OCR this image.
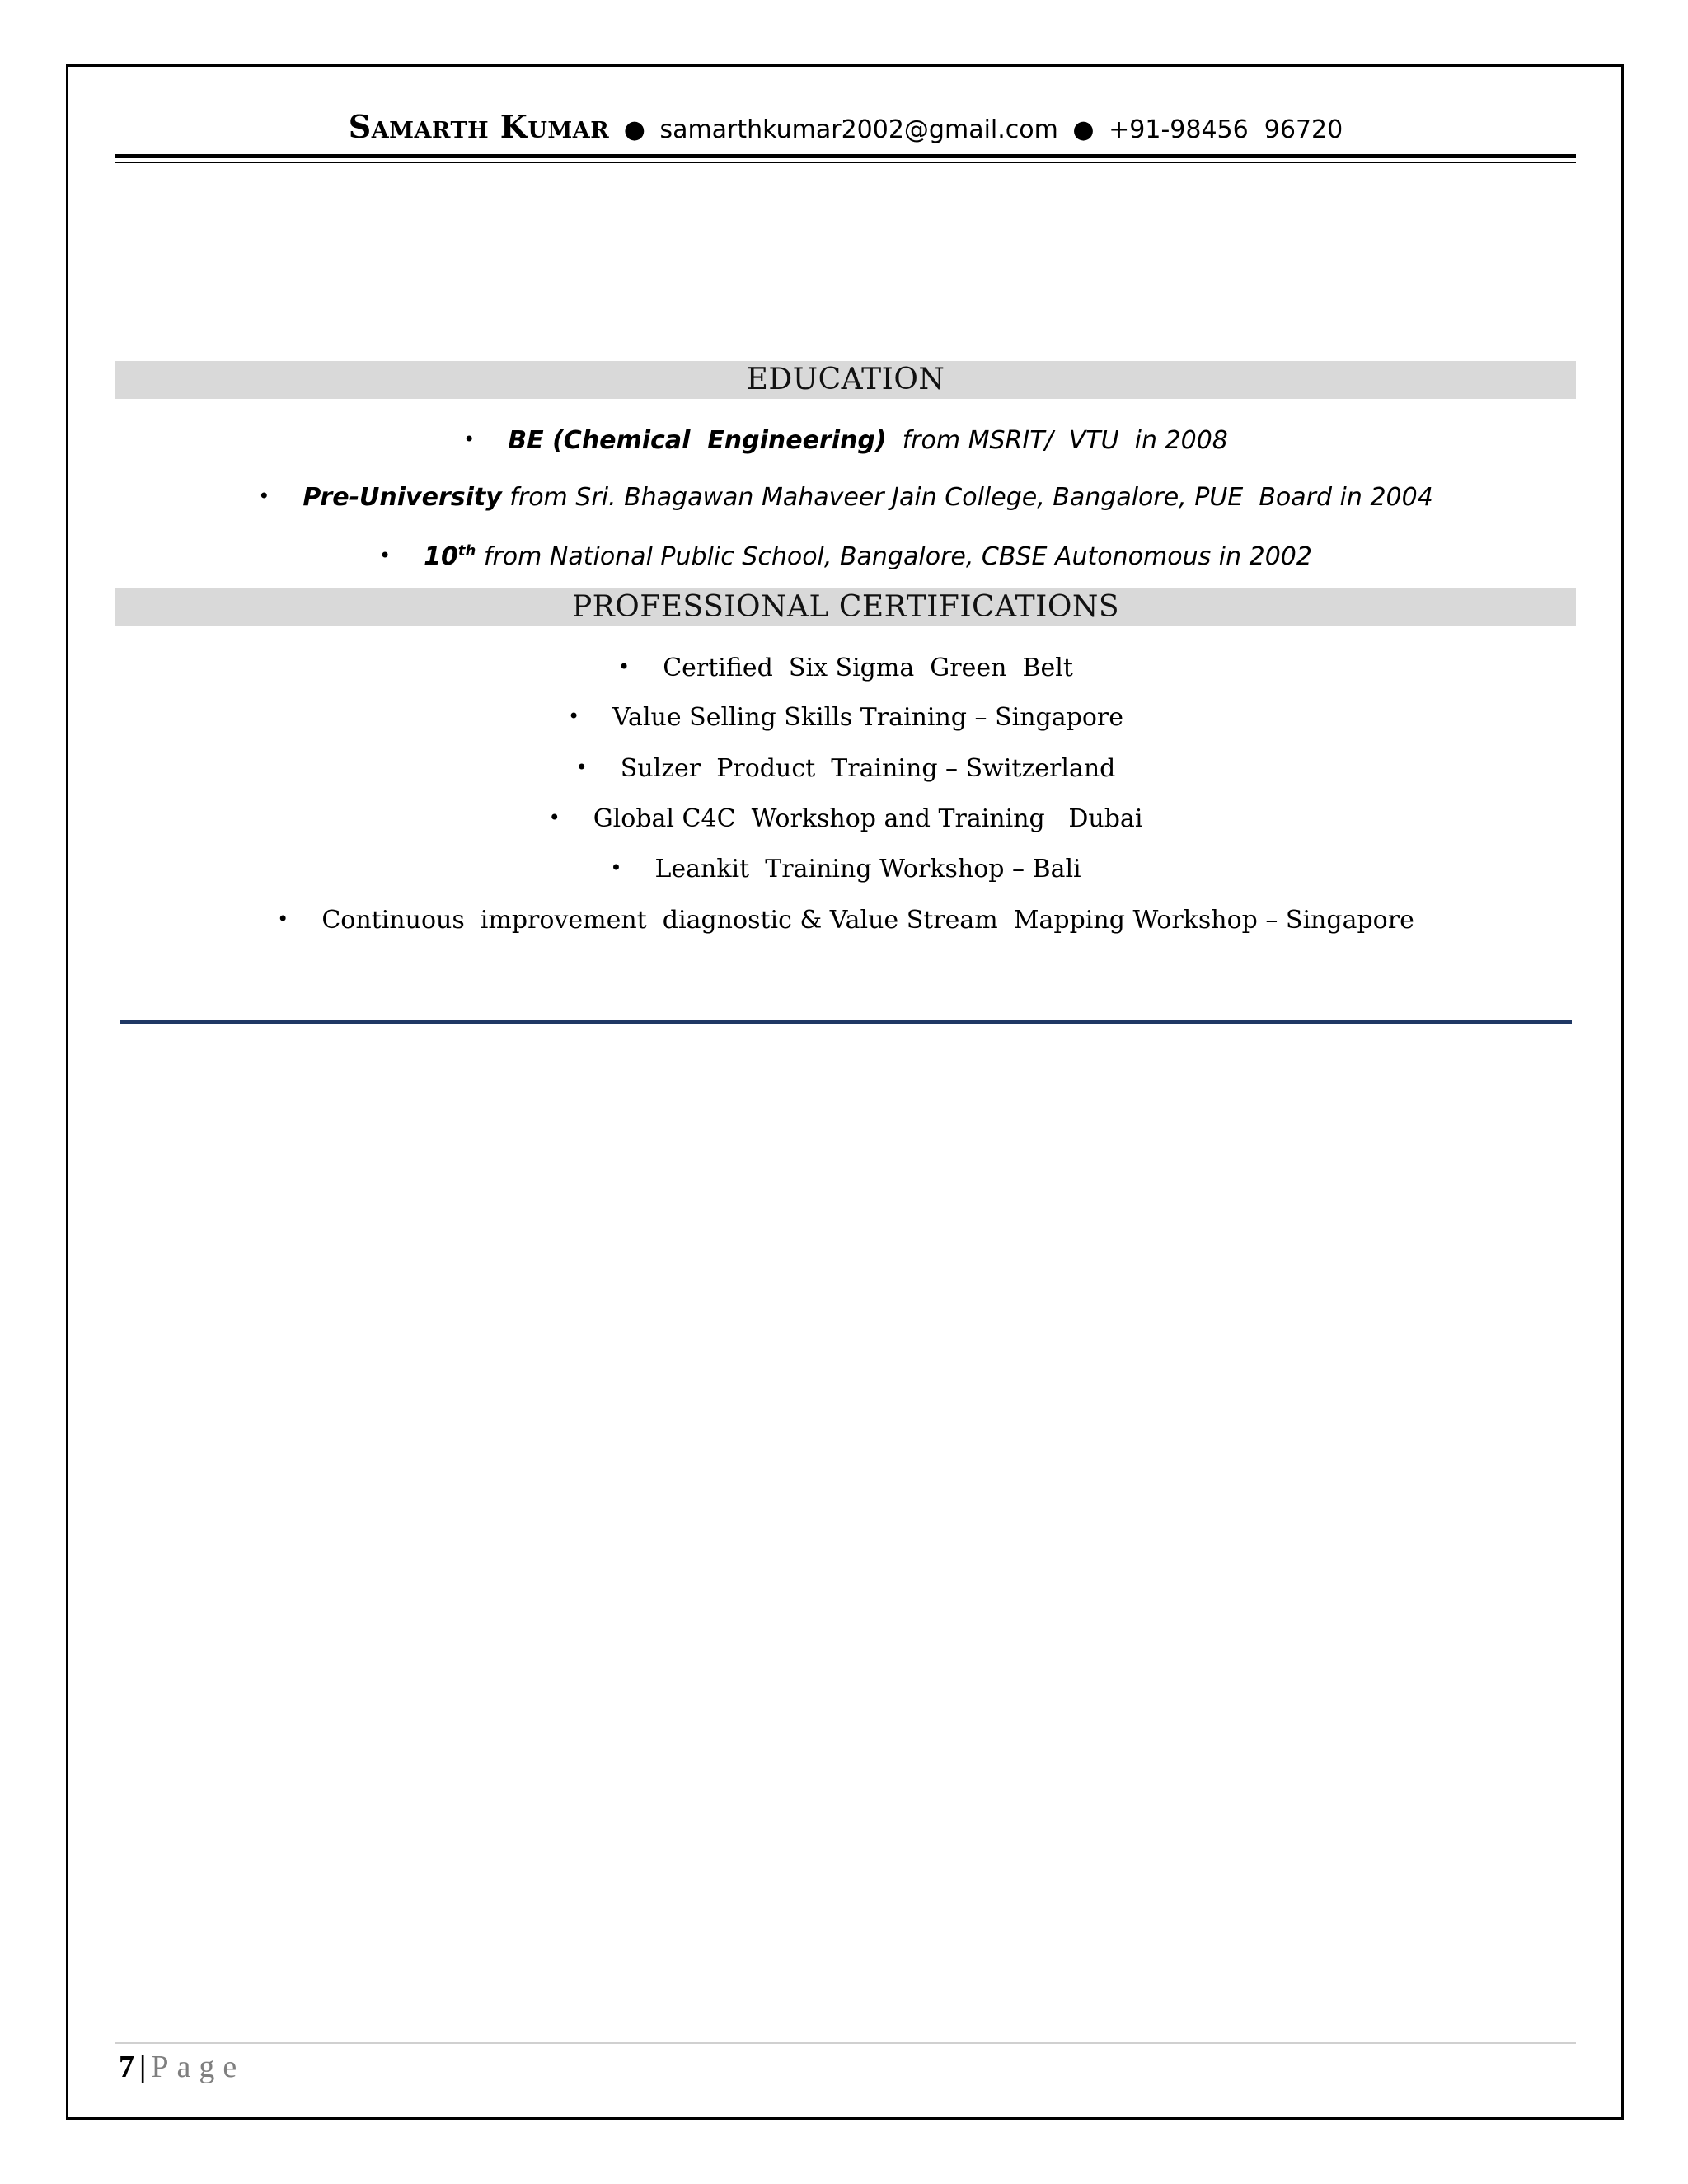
Samarth Kumar ● samarthkumar2002@gmail.com ● +91-98456  96720
EDUCATION
• BE (Chemical  Engineering)  from MSRIT/  VTU  in 2008
• Pre-University from Sri. Bhagawan Mahaveer Jain College, Bangalore, PUE  Board in 2004
• 10th from National Public School, Bangalore, CBSE Autonomous in 2002
PROFESSIONAL CERTIFICATIONS
• Certified  Six Sigma  Green  Belt
• Value Selling Skills Training – Singapore
• Sulzer  Product  Training – Switzerland
• Global C4C  Workshop and Training   Dubai
• Leankit  Training Workshop – Bali
• Continuous  improvement  diagnostic & Value Stream  Mapping Workshop – Singapore
7 | Page
